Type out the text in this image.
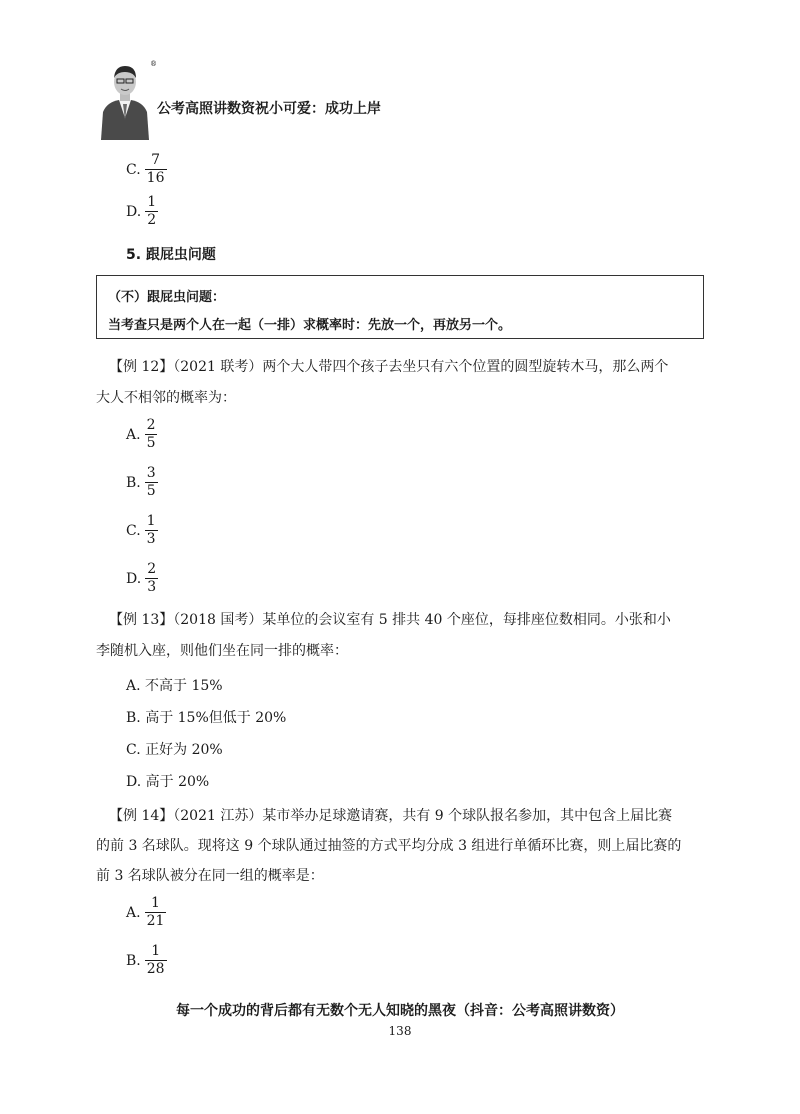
®
公考高照讲数资祝小可爱：成功上岸
C. $\frac{7}{16}$
D. $\frac{1}{2}$
5. 跟屁虫问题
（不）跟屁虫问题：
当考查只是两个人在一起（一排）求概率时：先放一个，再放另一个。
【例 12】（2021 联考）两个大人带四个孩子去坐只有六个位置的圆型旋转木马，那么两个
大人不相邻的概率为：
A. $\frac{2}{5}$
B. $\frac{3}{5}$
C. $\frac{1}{3}$
D. $\frac{2}{3}$
【例 13】（2018 国考）某单位的会议室有 5 排共 40 个座位，每排座位数相同。小张和小
李随机入座，则他们坐在同一排的概率：
A. 不高于 15%
B. 高于 15%但低于 20%
C. 正好为 20%
D. 高于 20%
【例 14】（2021 江苏）某市举办足球邀请赛，共有 9 个球队报名参加，其中包含上届比赛
的前 3 名球队。现将这 9 个球队通过抽签的方式平均分成 3 组进行单循环比赛，则上届比赛的
前 3 名球队被分在同一组的概率是：
A. $\frac{1}{21}$
B. $\frac{1}{28}$
每一个成功的背后都有无数个无人知晓的黑夜（抖音：公考高照讲数资）
138
